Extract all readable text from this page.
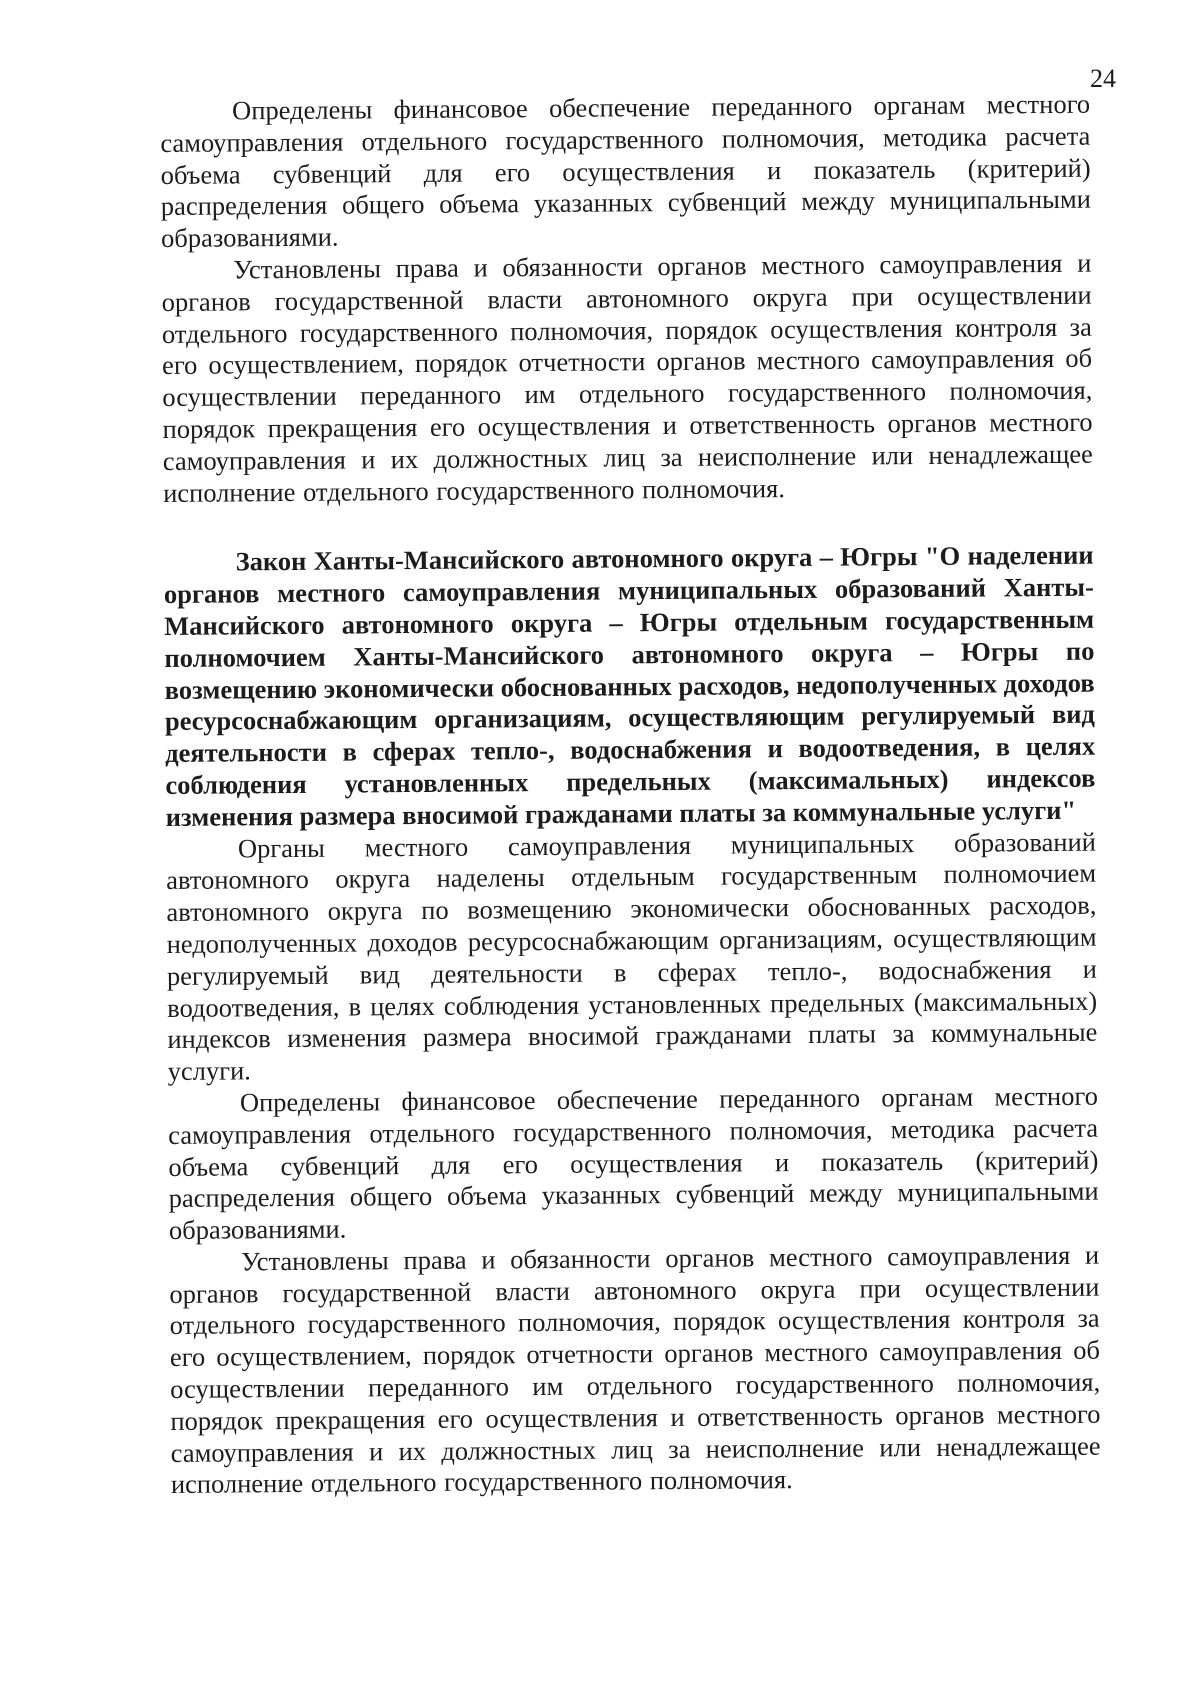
24

Определены финансовое обеспечение переданного органам местного самоуправления отдельного государственного полномочия, методика расчета объема субвенций для его осуществления и показатель (критерий) распределения общего объема указанных субвенций между муниципальными образованиями.

Установлены права и обязанности органов местного самоуправления и органов государственной власти автономного округа при осуществлении отдельного государственного полномочия, порядок осуществления контроля за его осуществлением, порядок отчетности органов местного самоуправления об осуществлении переданного им отдельного государственного полномочия, порядок прекращения его осуществления и ответственность органов местного самоуправления и их должностных лиц за неисполнение или ненадлежащее исполнение отдельного государственного полномочия.

Закон Ханты-Мансийского автономного округа – Югры "О наделении органов местного самоуправления муниципальных образований Ханты-Мансийского автономного округа – Югры отдельным государственным полномочием Ханты-Мансийского автономного округа – Югры по возмещению экономически обоснованных расходов, недополученных доходов ресурсоснабжающим организациям, осуществляющим регулируемый вид деятельности в сферах тепло-, водоснабжения и водоотведения, в целях соблюдения установленных предельных (максимальных) индексов изменения размера вносимой гражданами платы за коммунальные услуги"

Органы местного самоуправления муниципальных образований автономного округа наделены отдельным государственным полномочием автономного округа по возмещению экономически обоснованных расходов, недополученных доходов ресурсоснабжающим организациям, осуществляющим регулируемый вид деятельности в сферах тепло-, водоснабжения и водоотведения, в целях соблюдения установленных предельных (максимальных) индексов изменения размера вносимой гражданами платы за коммунальные услуги.

Определены финансовое обеспечение переданного органам местного самоуправления отдельного государственного полномочия, методика расчета объема субвенций для его осуществления и показатель (критерий) распределения общего объема указанных субвенций между муниципальными образованиями.

Установлены права и обязанности органов местного самоуправления и органов государственной власти автономного округа при осуществлении отдельного государственного полномочия, порядок осуществления контроля за его осуществлением, порядок отчетности органов местного самоуправления об осуществлении переданного им отдельного государственного полномочия, порядок прекращения его осуществления и ответственность органов местного самоуправления и их должностных лиц за неисполнение или ненадлежащее исполнение отдельного государственного полномочия.
